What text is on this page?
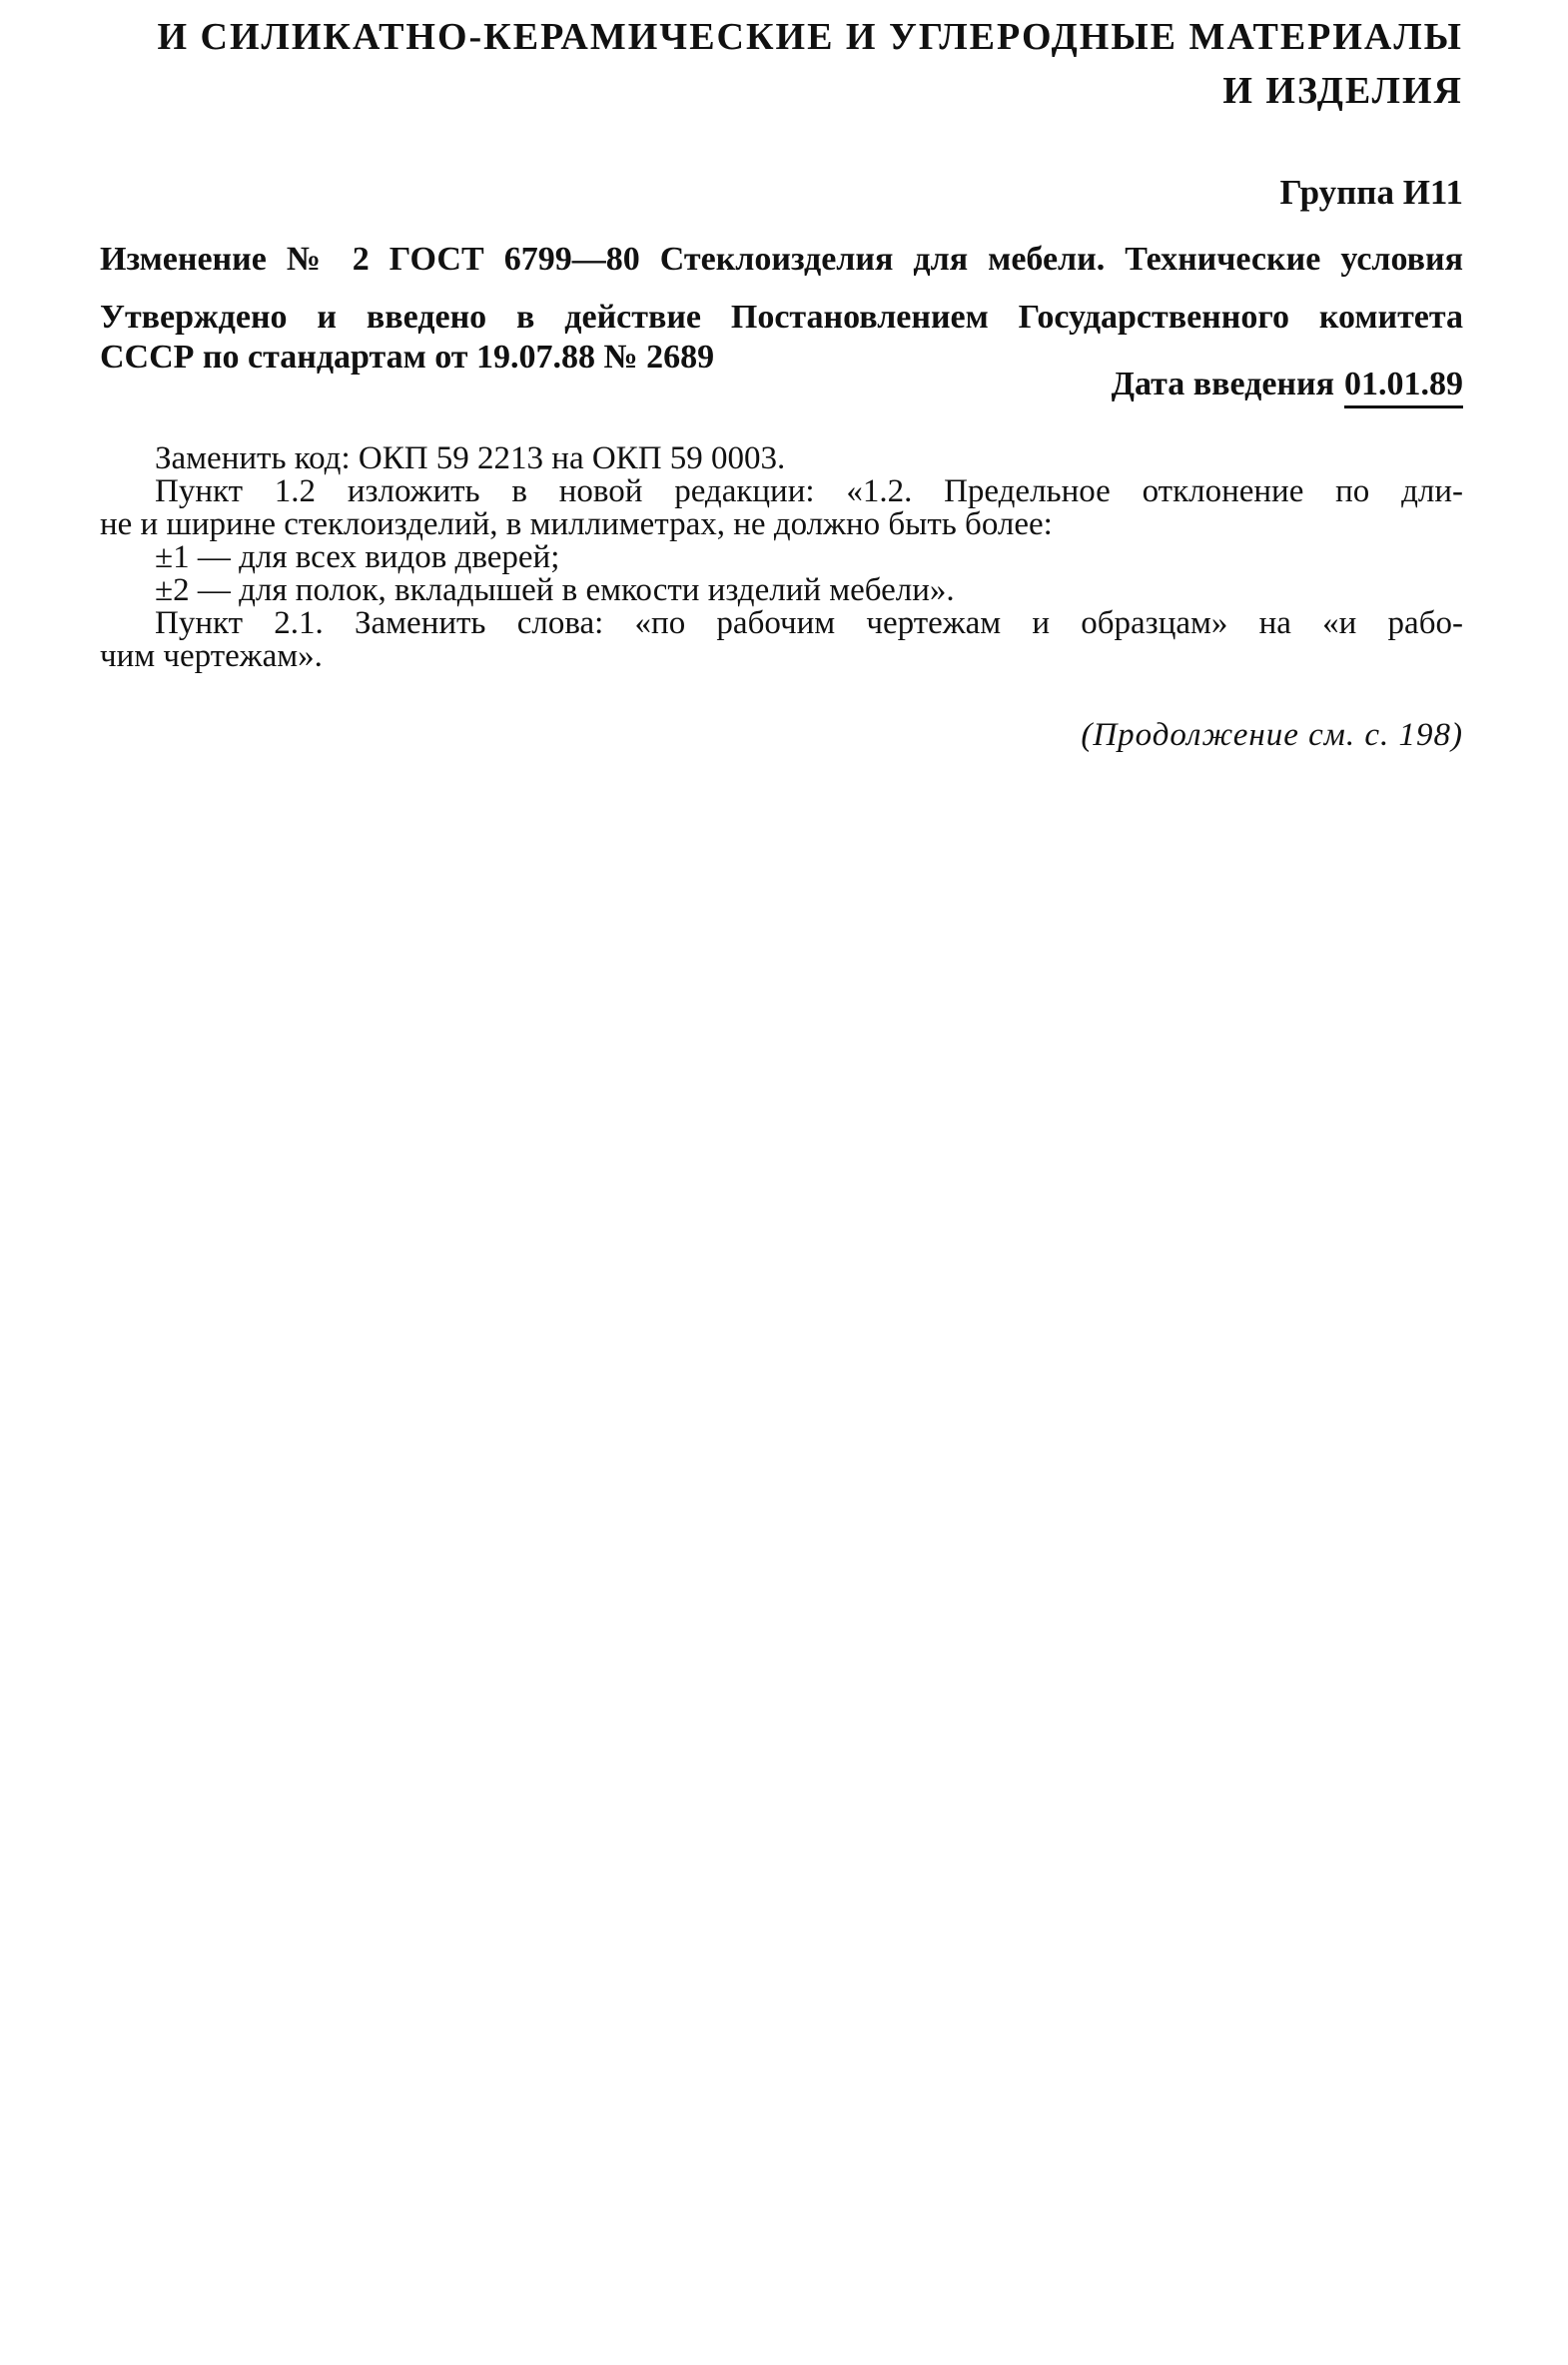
И СИЛИКАТНО-КЕРАМИЧЕСКИЕ И УГЛЕРОДНЫЕ МАТЕРИАЛЫ
И ИЗДЕЛИЯ
Группа И11
Изменение № 2 ГОСТ 6799—80 Стеклоизделия для мебели. Технические условия
Утверждено и введено в действие Постановлением Государственного комитета
СССР по стандартам от 19.07.88 № 2689
Дата введения 01.01.89
Заменить код: ОКП 59 2213 на ОКП 59 0003.
Пункт 1.2 изложить в новой редакции: «1.2. Предельное отклонение по дли-
не и ширине стеклоизделий, в миллиметрах, не должно быть более:
±1 — для всех видов дверей;
±2 — для полок, вкладышей в емкости изделий мебели».
Пункт 2.1. Заменить слова: «по рабочим чертежам и образцам» на «и рабо-
чим чертежам».
(Продолжение см. с. 198)
